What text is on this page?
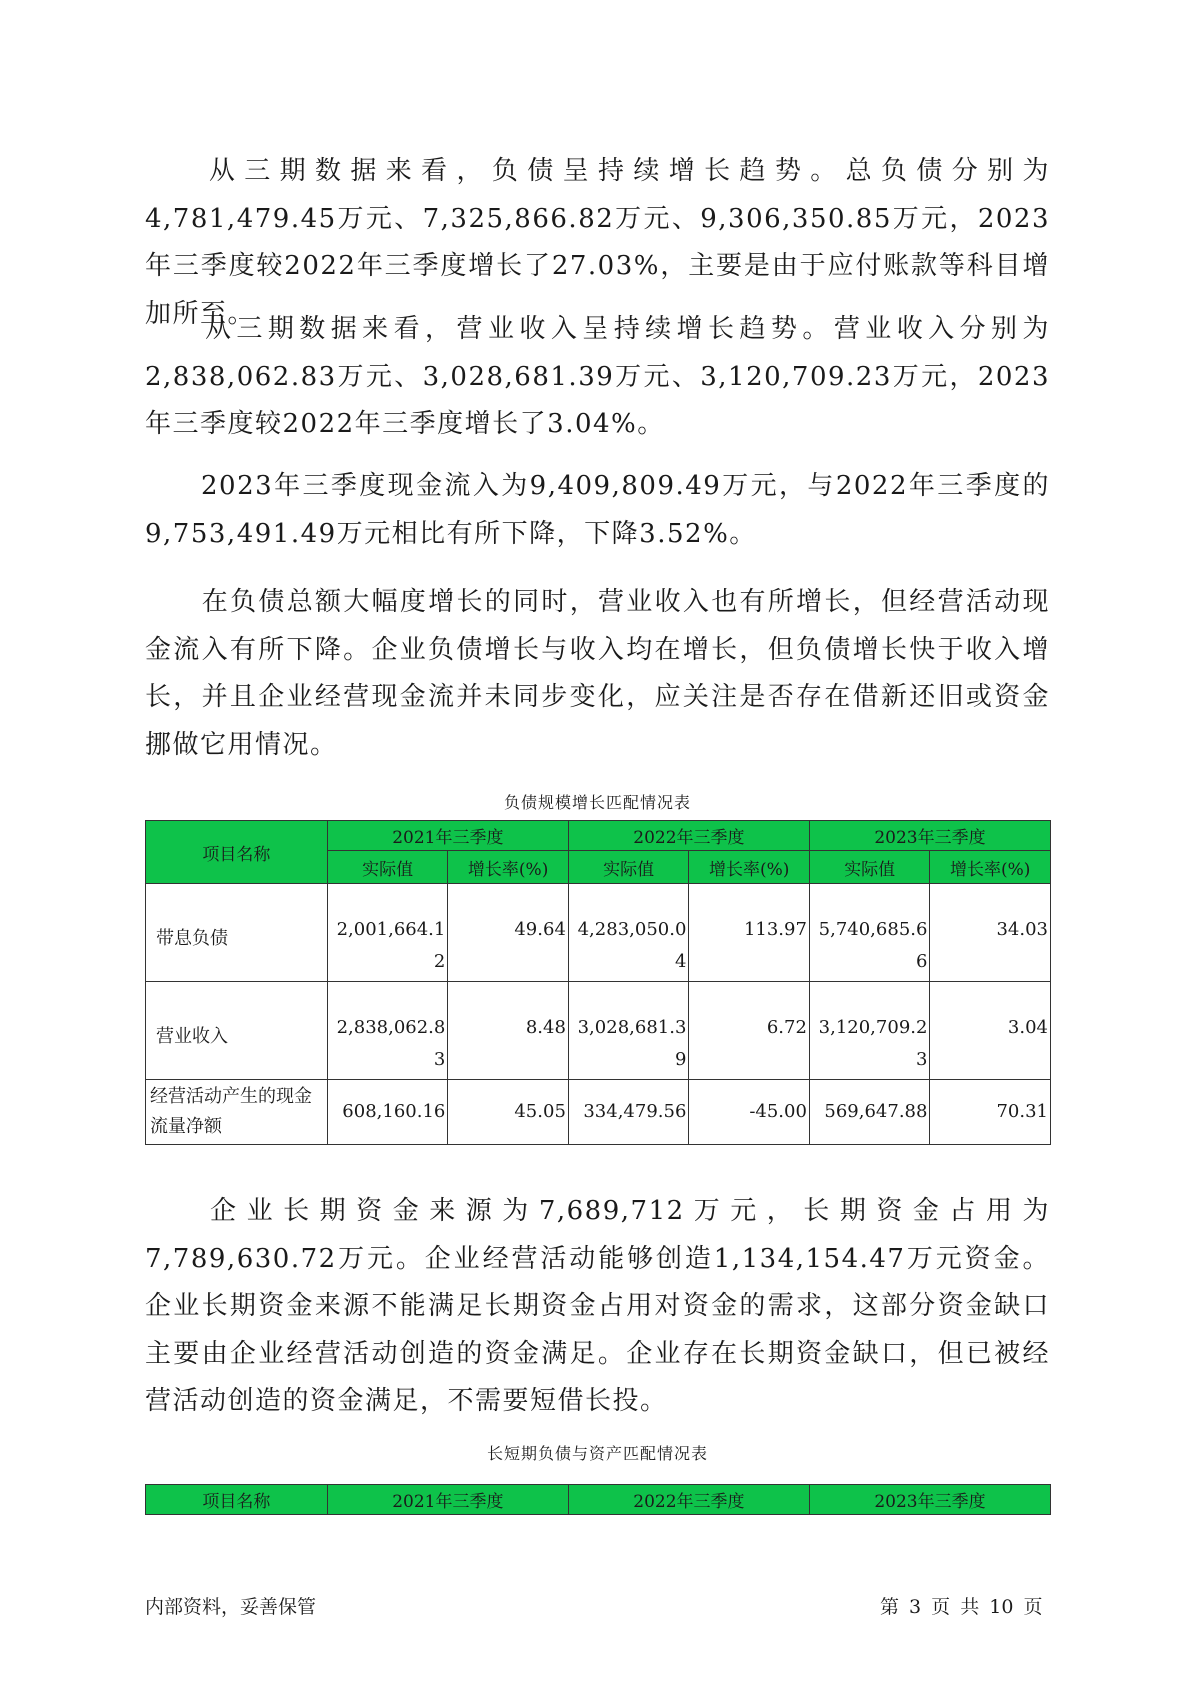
从三期数据来看，负债呈持续增长趋势。总负债分别为4,781,479.45万元、7,325,866.82万元、9,306,350.85万元，2023年三季度较2022年三季度增长了27.03%，主要是由于应付账款等科目增加所至。

从三期数据来看，营业收入呈持续增长趋势。营业收入分别为2,838,062.83万元、3,028,681.39万元、3,120,709.23万元，2023年三季度较2022年三季度增长了3.04%。

2023年三季度现金流入为9,409,809.49万元，与2022年三季度的9,753,491.49万元相比有所下降，下降3.52%。

在负债总额大幅度增长的同时，营业收入也有所增长，但经营活动现金流入有所下降。企业负债增长与收入均在增长，但负债增长快于收入增长，并且企业经营现金流并未同步变化，应关注是否存在借新还旧或资金挪做它用情况。

负债规模增长匹配情况表
项目名称	2021年三季度		2022年三季度		2023年三季度	
	实际值	增长率(%)	实际值	增长率(%)	实际值	增长率(%)
带息负债	2,001,664.12	49.64	4,283,050.04	113.97	5,740,685.66	34.03
营业收入	2,838,062.83	8.48	3,028,681.39	6.72	3,120,709.23	3.04
经营活动产生的现金流量净额	608,160.16	45.05	334,479.56	-45.00	569,647.88	70.31

企业长期资金来源为7,689,712万元，长期资金占用为7,789,630.72万元。企业经营活动能够创造1,134,154.47万元资金。企业长期资金来源不能满足长期资金占用对资金的需求，这部分资金缺口主要由企业经营活动创造的资金满足。企业存在长期资金缺口，但已被经营活动创造的资金满足，不需要短借长投。

长短期负债与资产匹配情况表
项目名称	2021年三季度	2022年三季度	2023年三季度
内部资料，妥善保管	第 3 页 共 10 页
